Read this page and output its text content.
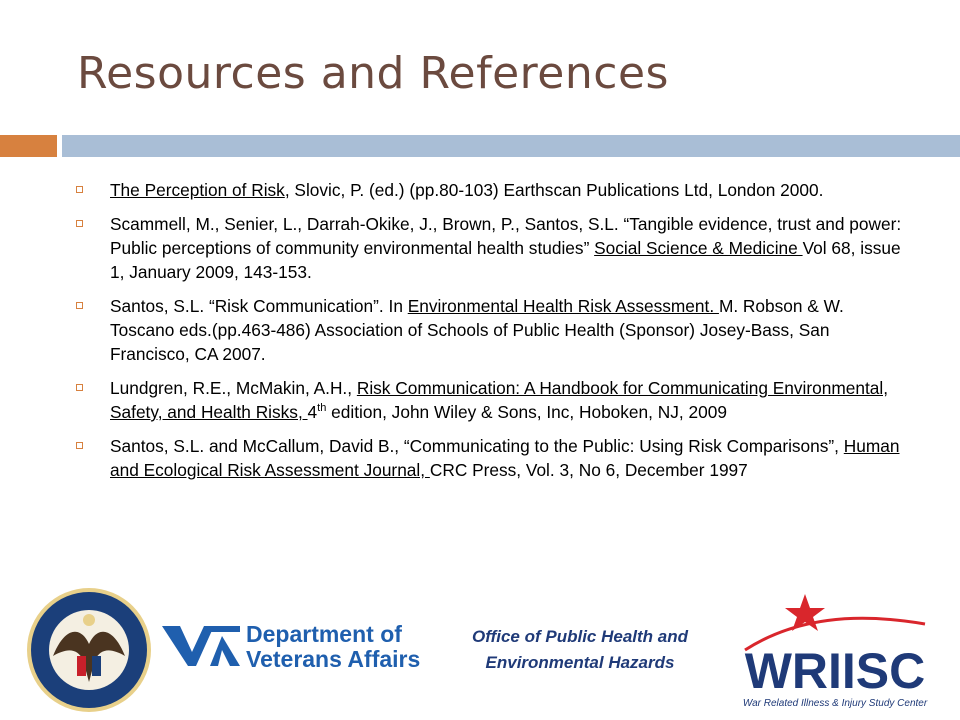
Resources and References
The Perception of Risk, Slovic, P. (ed.) (pp.80-103) Earthscan Publications Ltd, London 2000.
Scammell, M., Senier, L., Darrah-Okike, J., Brown, P., Santos, S.L. “Tangible evidence, trust and power: Public perceptions of community environmental health studies” Social Science & Medicine Vol 68, issue 1, January 2009, 143-153.
Santos, S.L. “Risk Communication”. In Environmental Health Risk Assessment. M. Robson & W. Toscano eds.(pp.463-486) Association of Schools of Public Health (Sponsor) Josey-Bass, San Francisco, CA 2007.
Lundgren, R.E., McMakin, A.H., Risk Communication: A Handbook for Communicating Environmental, Safety, and Health Risks, 4th edition, John Wiley & Sons, Inc, Hoboken, NJ, 2009
Santos, S.L. and McCallum, David B., “Communicating to the Public: Using Risk Comparisons”, Human and Ecological Risk Assessment Journal, CRC Press, Vol. 3, No 6, December 1997
Department of
Veterans Affairs
Office of Public Health and
Environmental Hazards	WRIISC
War Related Illness & Injury Study Center
